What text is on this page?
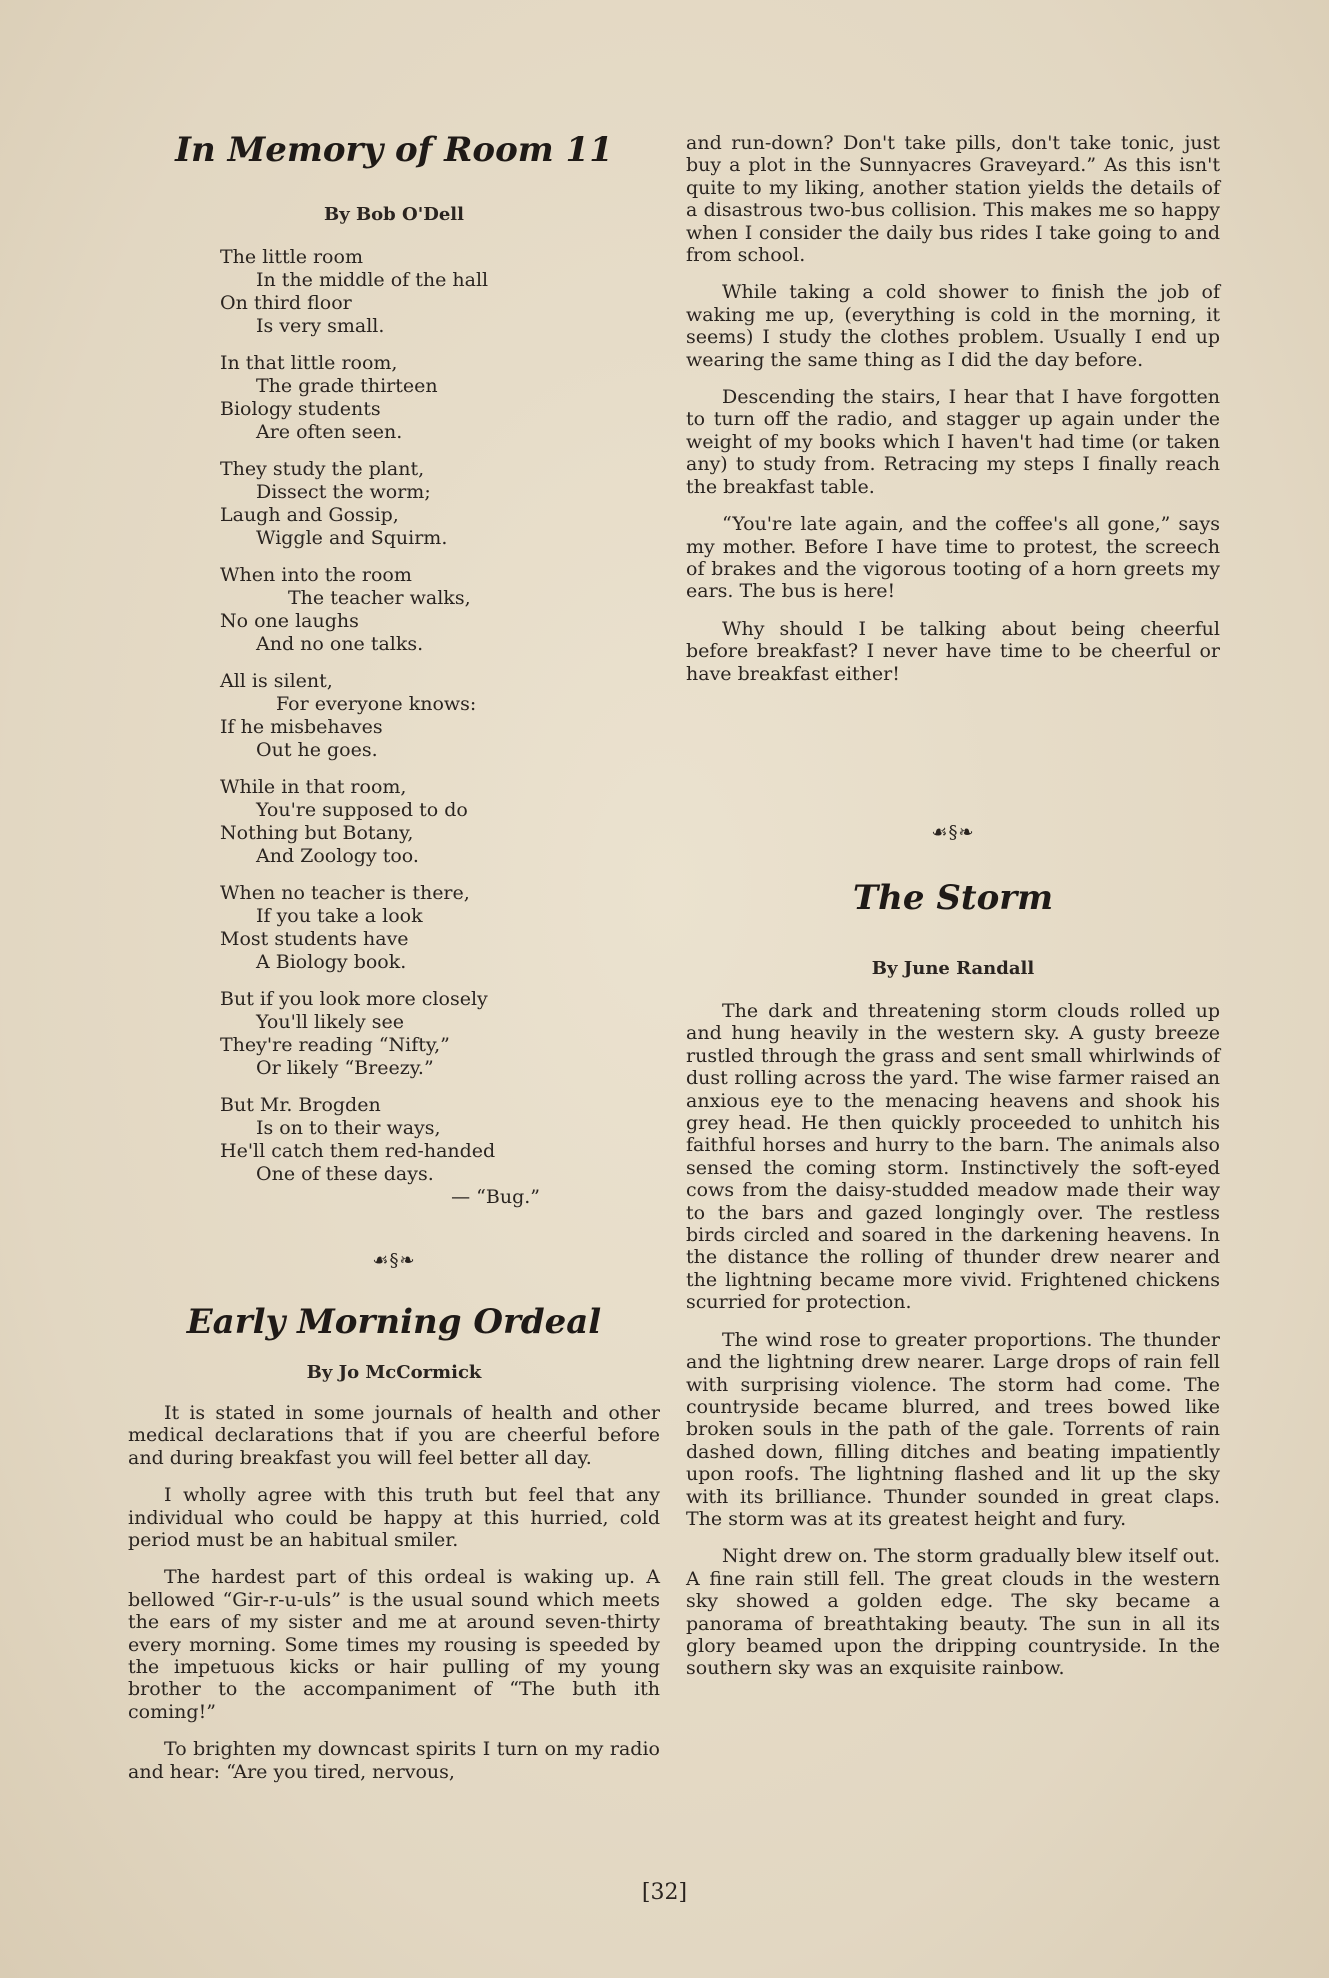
In Memory of Room 11
By Bob O'Dell
The little room
In the middle of the hall
On third floor
Is very small.
In that little room,
The grade thirteen
Biology students
Are often seen.
They study the plant,
Dissect the worm;
Laugh and Gossip,
Wiggle and Squirm.
When into the room
The teacher walks,
No one laughs
And no one talks.
All is silent,
For everyone knows:
If he misbehaves
Out he goes.
While in that room,
You're supposed to do
Nothing but Botany,
And Zoology too.
When no teacher is there,
If you take a look
Most students have
A Biology book.
But if you look more closely
You'll likely see
They're reading “Nifty,”
Or likely “Breezy.”
But Mr. Brogden
Is on to their ways,
He'll catch them red-handed
One of these days.
— “Bug.”
☙§❧
Early Morning Ordeal
By Jo McCormick

It is stated in some journals of health and other medical declarations that if you are cheerful before and during breakfast you will feel better all day.

I wholly agree with this truth but feel that any individual who could be happy at this hurried, cold period must be an habitual smiler.

The hardest part of this ordeal is waking up. A bellowed “Gir-r-u-uls” is the usual sound which meets the ears of my sister and me at around seven-thirty every morning. Some times my rousing is speeded by the impetuous kicks or hair pulling of my young brother to the accompaniment of “The buth ith coming!”

To brighten my downcast spirits I turn on my radio and hear: “Are you tired, nervous,

and run-down? Don't take pills, don't take tonic, just buy a plot in the Sunnyacres Graveyard.” As this isn't quite to my liking, another station yields the details of a disastrous two-bus collision. This makes me so happy when I consider the daily bus rides I take going to and from school.

While taking a cold shower to finish the job of waking me up, (everything is cold in the morning, it seems) I study the clothes problem. Usually I end up wearing the same thing as I did the day before.

Descending the stairs, I hear that I have forgotten to turn off the radio, and stagger up again under the weight of my books which I haven't had time (or taken any) to study from. Retracing my steps I finally reach the breakfast table.

“You're late again, and the coffee's all gone,” says my mother. Before I have time to protest, the screech of brakes and the vigorous tooting of a horn greets my ears. The bus is here!

Why should I be talking about being cheerful before breakfast? I never have time to be cheerful or have breakfast either!

☙§❧
The Storm
By June Randall

The dark and threatening storm clouds rolled up and hung heavily in the western sky. A gusty breeze rustled through the grass and sent small whirlwinds of dust rolling across the yard. The wise farmer raised an anxious eye to the menacing heavens and shook his grey head. He then quickly proceeded to unhitch his faithful horses and hurry to the barn. The animals also sensed the coming storm. Instinctively the soft-eyed cows from the daisy-studded meadow made their way to the bars and gazed longingly over. The restless birds circled and soared in the darkening heavens. In the distance the rolling of thunder drew nearer and the lightning became more vivid. Frightened chickens scurried for protection.

The wind rose to greater proportions. The thunder and the lightning drew nearer. Large drops of rain fell with surprising violence. The storm had come. The countryside became blurred, and trees bowed like broken souls in the path of the gale. Torrents of rain dashed down, filling ditches and beating impatiently upon roofs. The lightning flashed and lit up the sky with its brilliance. Thunder sounded in great claps. The storm was at its greatest height and fury.

Night drew on. The storm gradually blew itself out. A fine rain still fell. The great clouds in the western sky showed a golden edge. The sky became a panorama of breathtaking beauty. The sun in all its glory beamed upon the dripping countryside. In the southern sky was an exquisite rainbow.

[32]
